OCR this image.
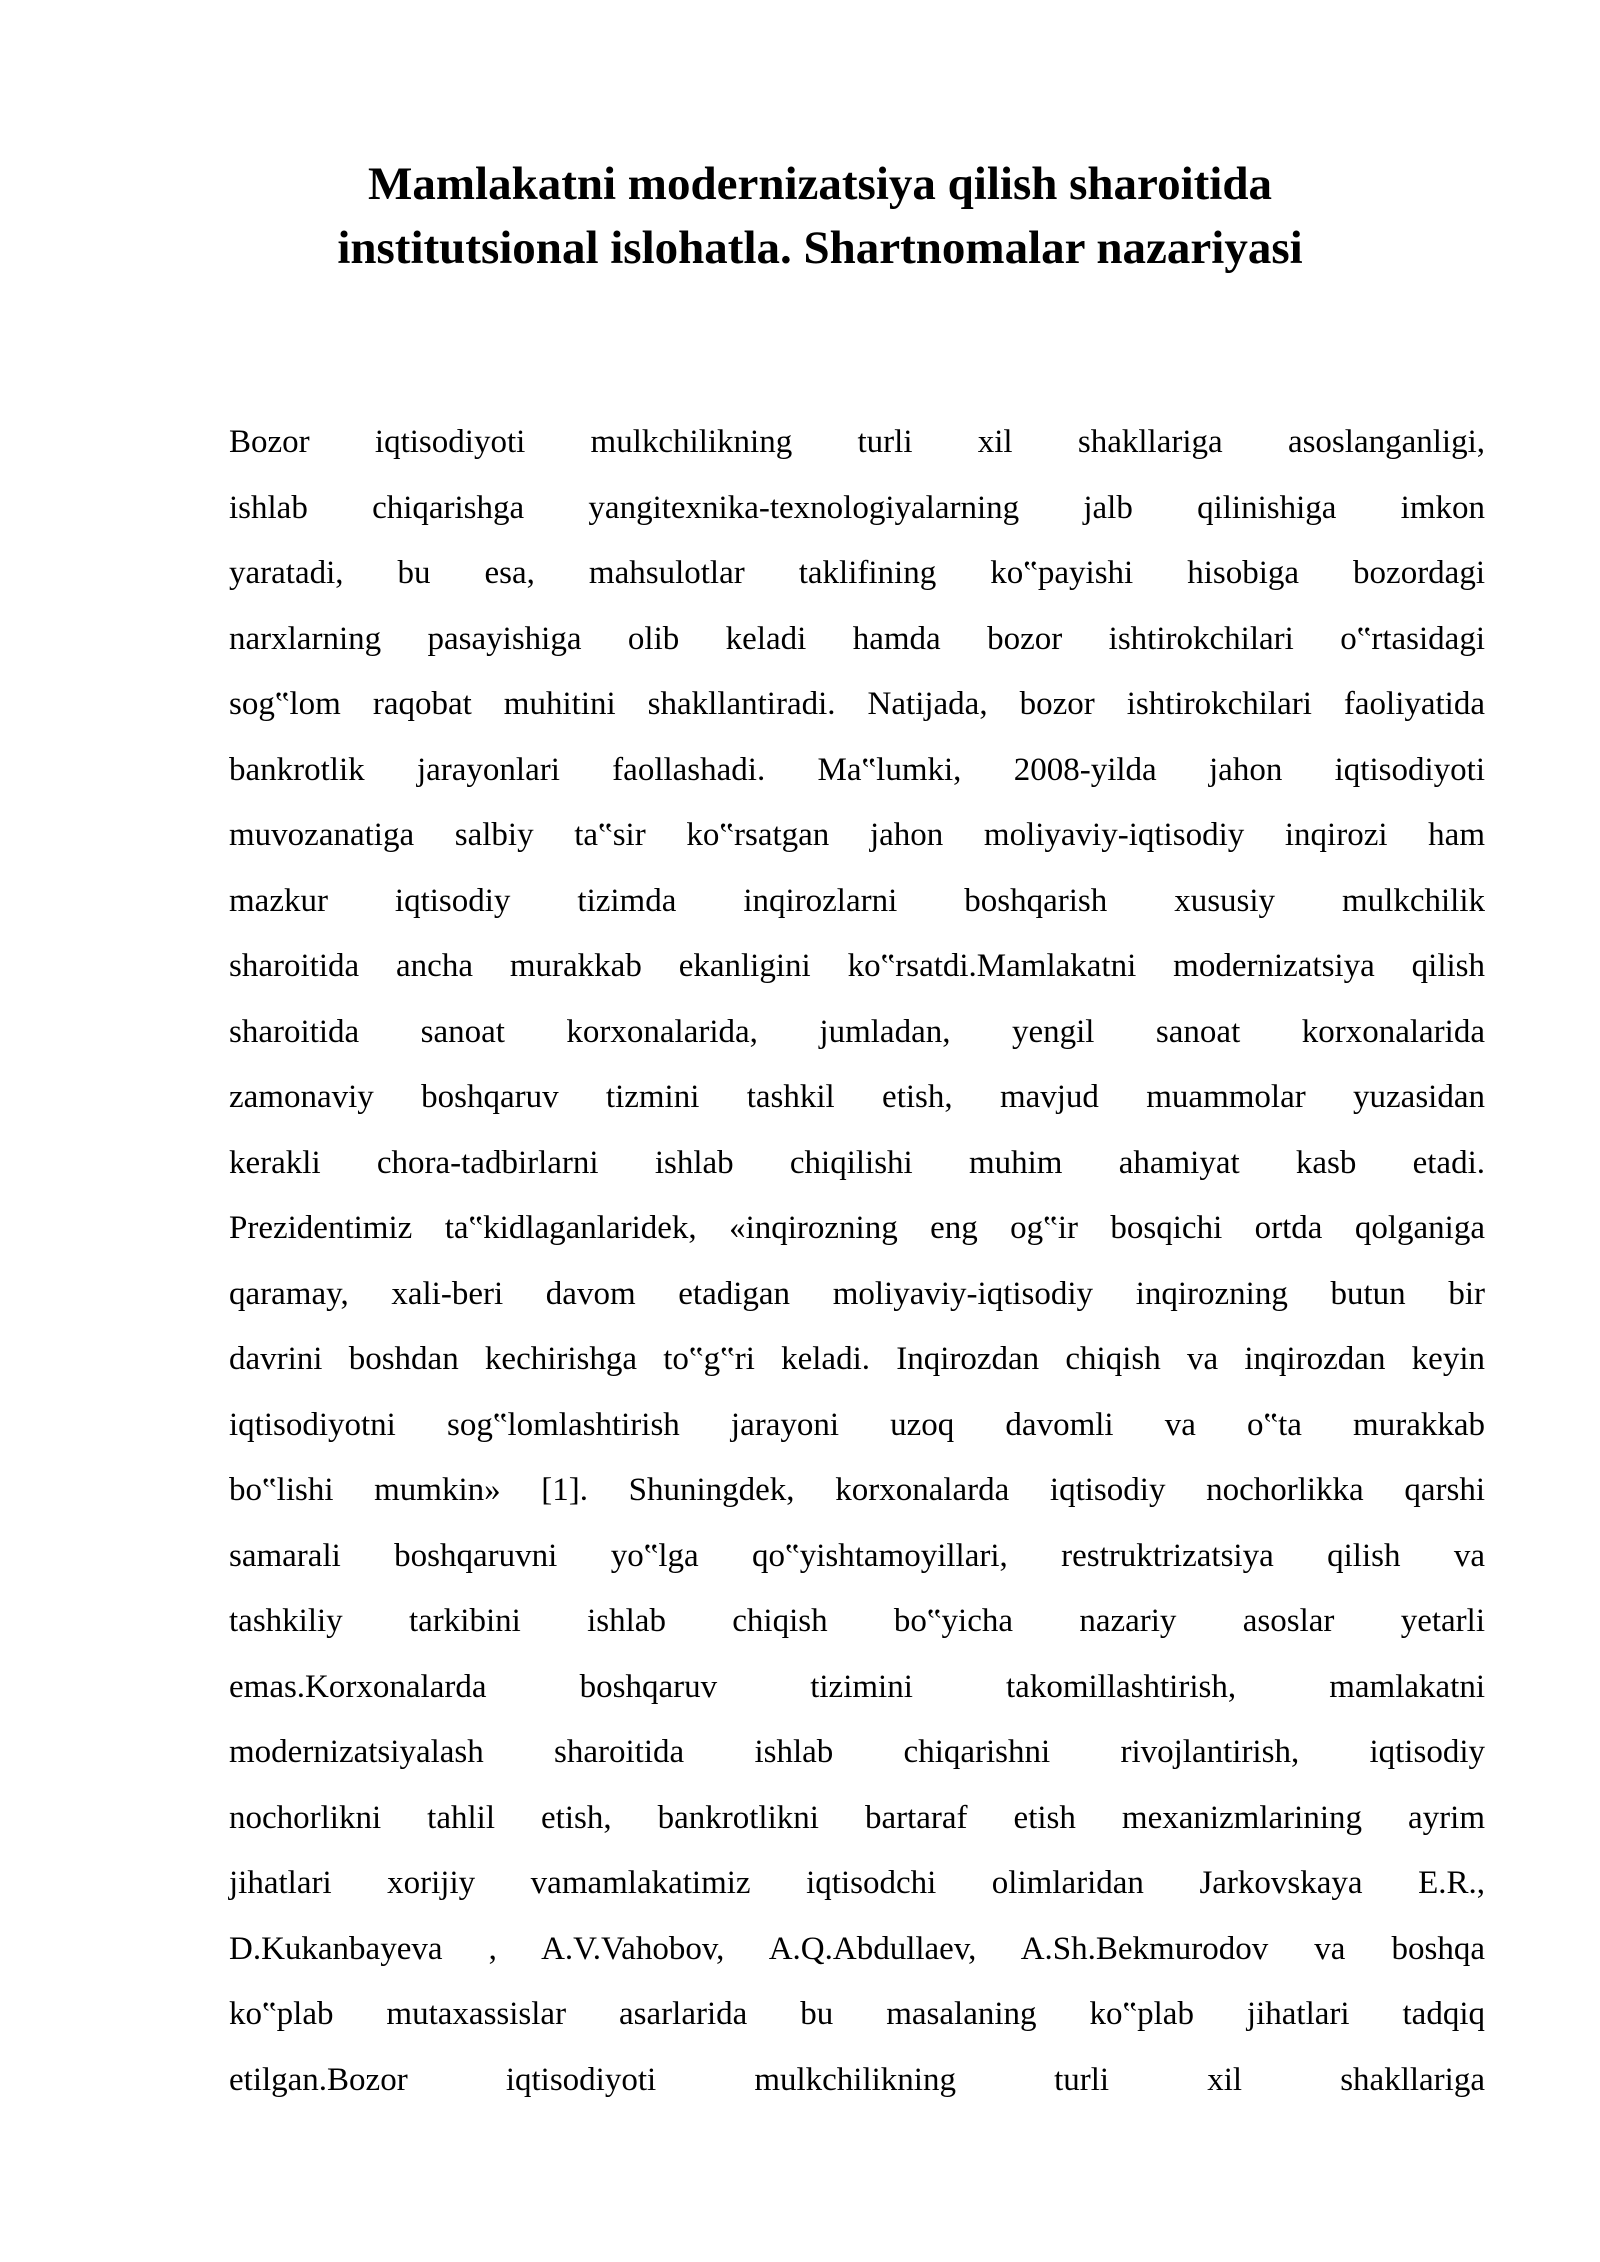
Mamlakatni modernizatsiya qilish sharoitida
institutsional islohatla. Shartnomalar nazariyasi
Bozor iqtisodiyoti mulkchilikning turli xil shakllariga asoslanganligi,
ishlab chiqarishga yangitexnika-texnologiyalarning jalb qilinishiga imkon
yaratadi, bu esa, mahsulotlar taklifining ko‟payishi hisobiga bozordagi
narxlarning pasayishiga olib keladi hamda bozor ishtirokchilari o‟rtasidagi
sog‟lom raqobat muhitini shakllantiradi. Natijada, bozor ishtirokchilari faoliyatida
bankrotlik jarayonlari faollashadi. Ma‟lumki, 2008-yilda jahon iqtisodiyoti
muvozanatiga salbiy ta‟sir ko‟rsatgan jahon moliyaviy-iqtisodiy inqirozi ham
mazkur iqtisodiy tizimda inqirozlarni boshqarish xususiy mulkchilik
sharoitida ancha murakkab ekanligini ko‟rsatdi.Mamlakatni modernizatsiya qilish
sharoitida sanoat korxonalarida, jumladan, yengil sanoat korxonalarida
zamonaviy boshqaruv tizmini tashkil etish, mavjud muammolar yuzasidan
kerakli chora-tadbirlarni ishlab chiqilishi muhim ahamiyat kasb etadi.
Prezidentimiz ta‟kidlaganlaridek, «inqirozning eng og‟ir bosqichi ortda qolganiga
qaramay, xali-beri davom etadigan moliyaviy-iqtisodiy inqirozning butun bir
davrini boshdan kechirishga to‟g‟ri keladi. Inqirozdan chiqish va inqirozdan keyin
iqtisodiyotni sog‟lomlashtirish jarayoni uzoq davomli va o‟ta murakkab
bo‟lishi mumkin» [1]. Shuningdek, korxonalarda iqtisodiy nochorlikka qarshi
samarali boshqaruvni yo‟lga qo‟yishtamoyillari, restruktrizatsiya qilish va
tashkiliy tarkibini ishlab chiqish bo‟yicha nazariy asoslar yetarli
emas.Korxonalarda boshqaruv tizimini takomillashtirish, mamlakatni
modernizatsiyalash sharoitida ishlab chiqarishni rivojlantirish, iqtisodiy
nochorlikni tahlil etish, bankrotlikni bartaraf etish mexanizmlarining ayrim
jihatlari xorijiy vamamlakatimiz iqtisodchi olimlaridan Jarkovskaya E.R.,
D.Kukanbayeva , A.V.Vahobov, A.Q.Abdullaev, A.Sh.Bekmurodov va boshqa
ko‟plab mutaxassislar asarlarida bu masalaning ko‟plab jihatlari tadqiq
etilgan.Bozor iqtisodiyoti mulkchilikning turli xil shakllariga
